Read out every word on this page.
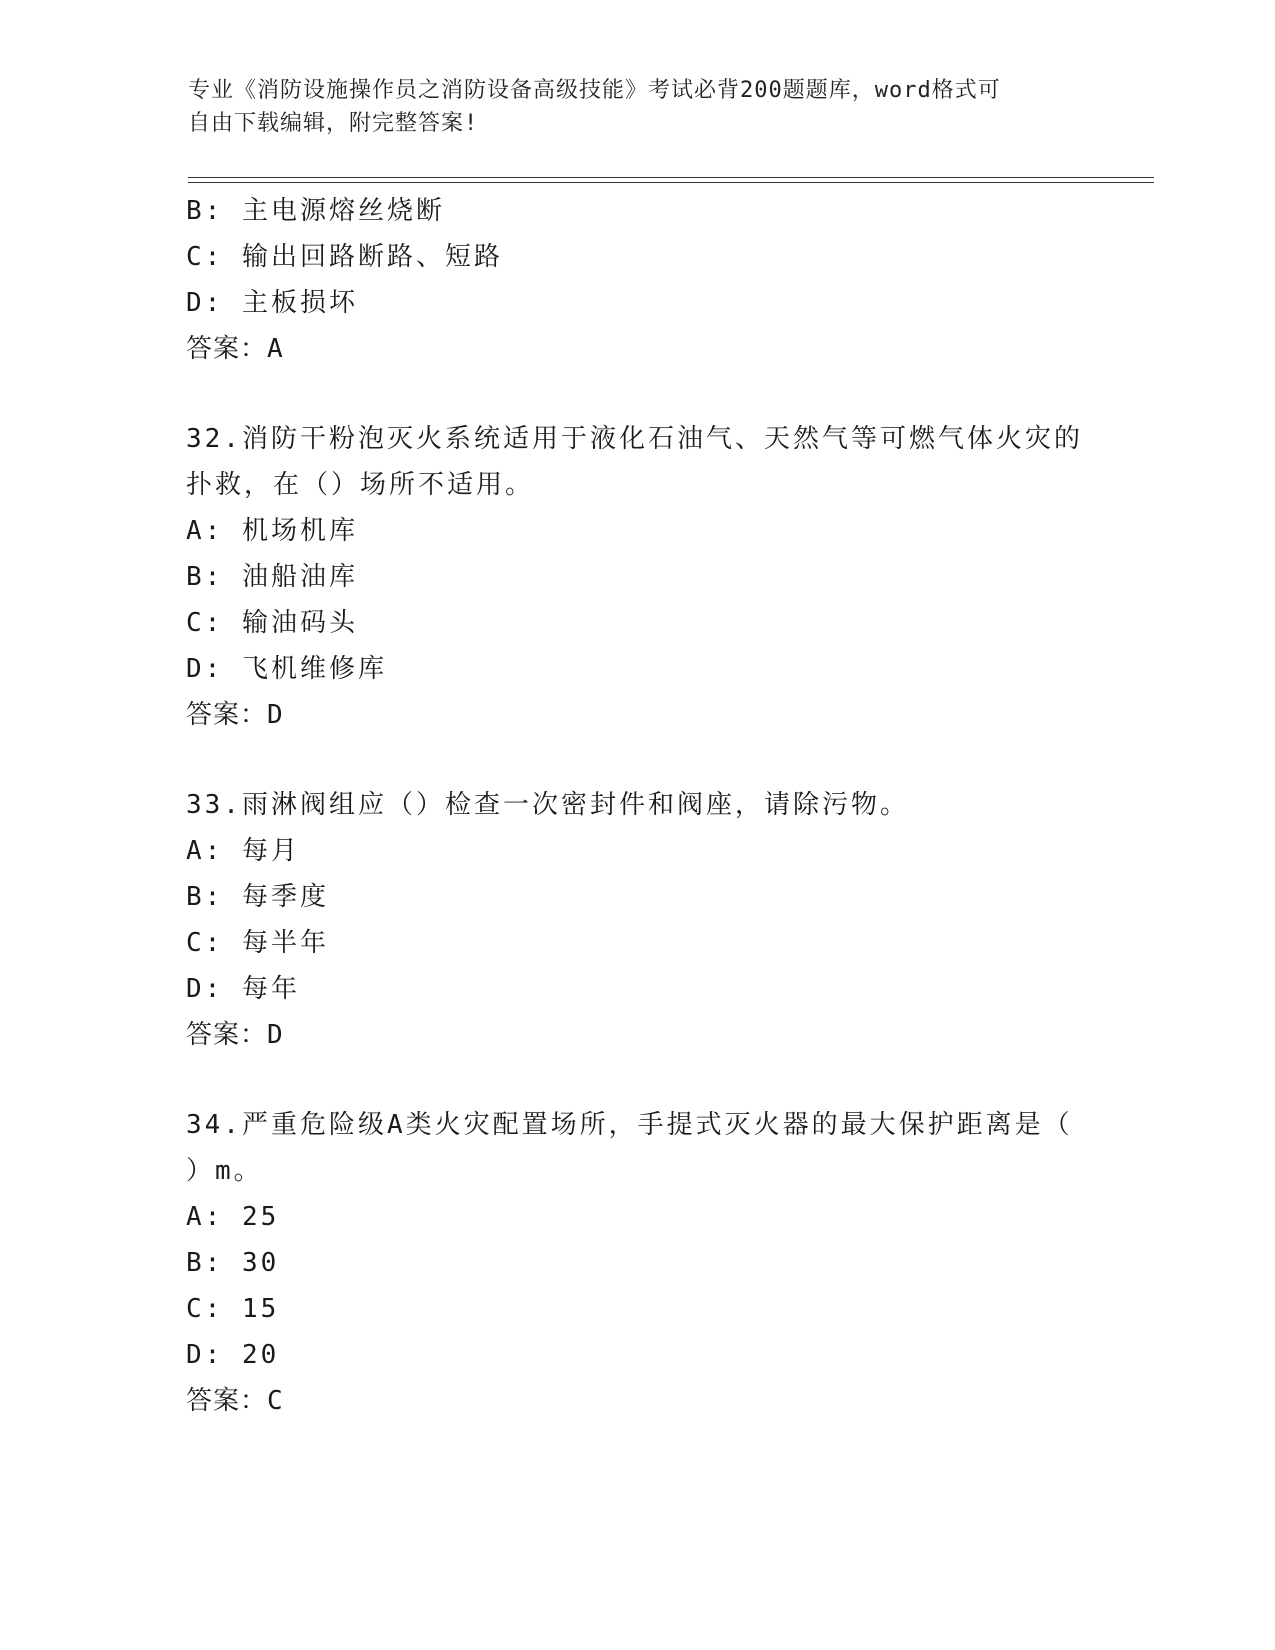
专业《消防设施操作员之消防设备高级技能》考试必背200题题库，word格式可
自由下载编辑，附完整答案!
B: 主电源熔丝烧断
C: 输出回路断路、短路
D: 主板损坏
答案：A
32.消防干粉泡灭火系统适用于液化石油气、天然气等可燃气体火灾的
扑救，在（）场所不适用。
A: 机场机库
B: 油船油库
C: 输油码头
D: 飞机维修库
答案：D
33.雨淋阀组应（）检查一次密封件和阀座，请除污物。
A: 每月
B: 每季度
C: 每半年
D: 每年
答案：D
34.严重危险级A类火灾配置场所，手提式灭火器的最大保护距离是（
）m。
A: 25
B: 30
C: 15
D: 20
答案：C
